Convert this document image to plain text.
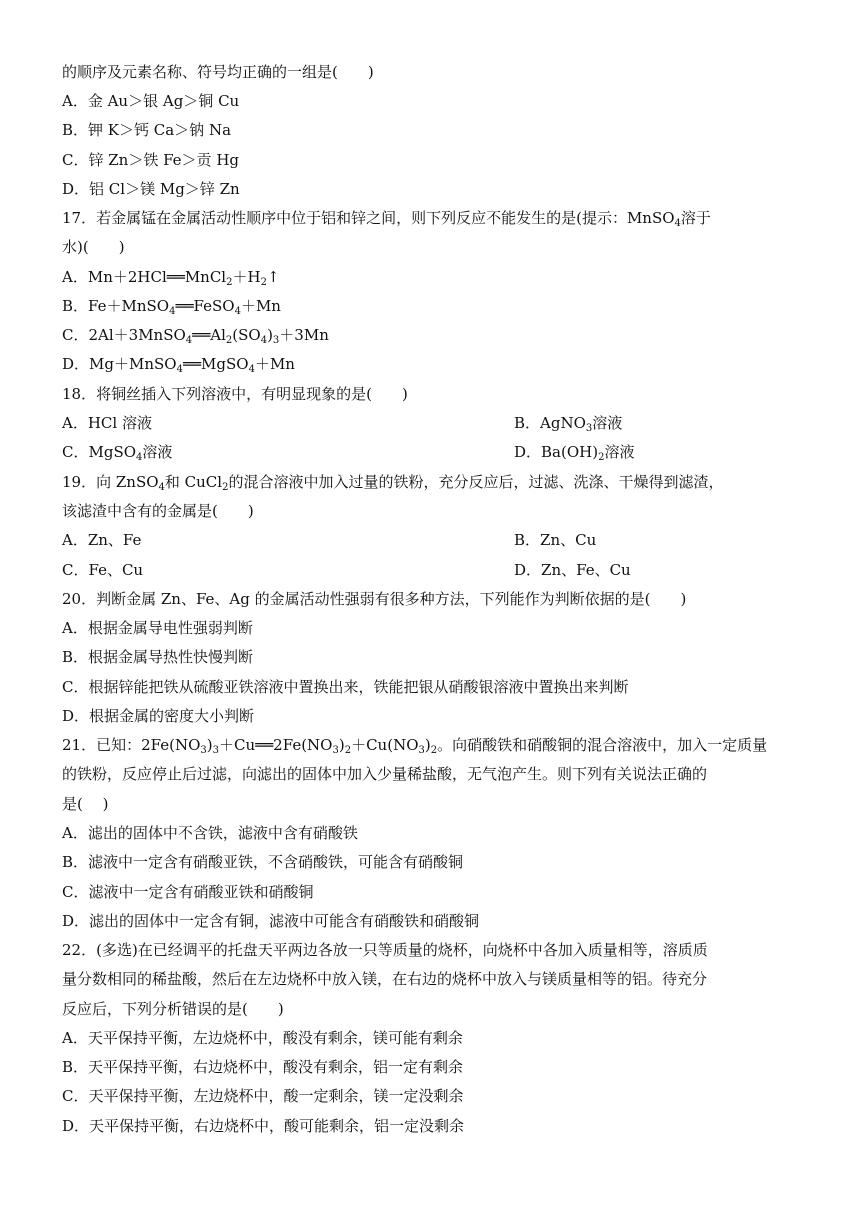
的顺序及元素名称、符号均正确的一组是(　　)
A．金 Au＞银 Ag＞铜 Cu
B．钾 K＞钙 Ca＞钠 Na
C．锌 Zn＞铁 Fe＞贡 Hg
D．铝 Cl＞镁 Mg＞锌 Zn
17．若金属锰在金属活动性顺序中位于铝和锌之间，则下列反应不能发生的是(提示：MnSO$_4$溶于
水)(　　)
A．$Mn+2HCl══MnCl_2+H_2↑$
B．Fe＋MnSO$_4$══FeSO$_4$＋Mn
C．$2Al+3MnSO_4══Al_2(SO_4)_3+3Mn$
D．Mg＋MnSO$_4$══MgSO$_4$＋Mn
18．将铜丝插入下列溶液中，有明显现象的是(　　)
A．HCl 溶液	B．AgNO$_3$溶液
C．MgSO$_4$溶液	D．$Ba(OH)_2$溶液
19．向 ZnSO$_4$和 CuCl$_2$的混合溶液中加入过量的铁粉，充分反应后，过滤、洗涤、干燥得到滤渣，
该滤渣中含有的金属是(　　)
A．Zn、Fe	B．Zn、Cu
C．Fe、Cu	D．Zn、Fe、Cu
20．判断金属 Zn、Fe、Ag 的金属活动性强弱有很多种方法，下列能作为判断依据的是(　　)
A．根据金属导电性强弱判断
B．根据金属导热性快慢判断
C．根据锌能把铁从硫酸亚铁溶液中置换出来，铁能把银从硝酸银溶液中置换出来判断
D．根据金属的密度大小判断
21．已知：$2Fe(NO_3)_3+Cu══2Fe(NO_3)_2+Cu(NO_3)_2$。向硝酸铁和硝酸铜的混合溶液中，加入一定质量
的铁粉，反应停止后过滤，向滤出的固体中加入少量稀盐酸，无气泡产生。则下列有关说法正确的
是(　 )
A．滤出的固体中不含铁，滤液中含有硝酸铁
B．滤液中一定含有硝酸亚铁，不含硝酸铁，可能含有硝酸铜
C．滤液中一定含有硝酸亚铁和硝酸铜
D．滤出的固体中一定含有铜，滤液中可能含有硝酸铁和硝酸铜
22．(多选)在已经调平的托盘天平两边各放一只等质量的烧杯，向烧杯中各加入质量相等，溶质质
量分数相同的稀盐酸，然后在左边烧杯中放入镁，在右边的烧杯中放入与镁质量相等的铝。待充分
反应后，下列分析错误的是(　　)
A．天平保持平衡，左边烧杯中，酸没有剩余，镁可能有剩余
B．天平保持平衡，右边烧杯中，酸没有剩余，铝一定有剩余
C．天平保持平衡，左边烧杯中，酸一定剩余，镁一定没剩余
D．天平保持平衡，右边烧杯中，酸可能剩余，铝一定没剩余
